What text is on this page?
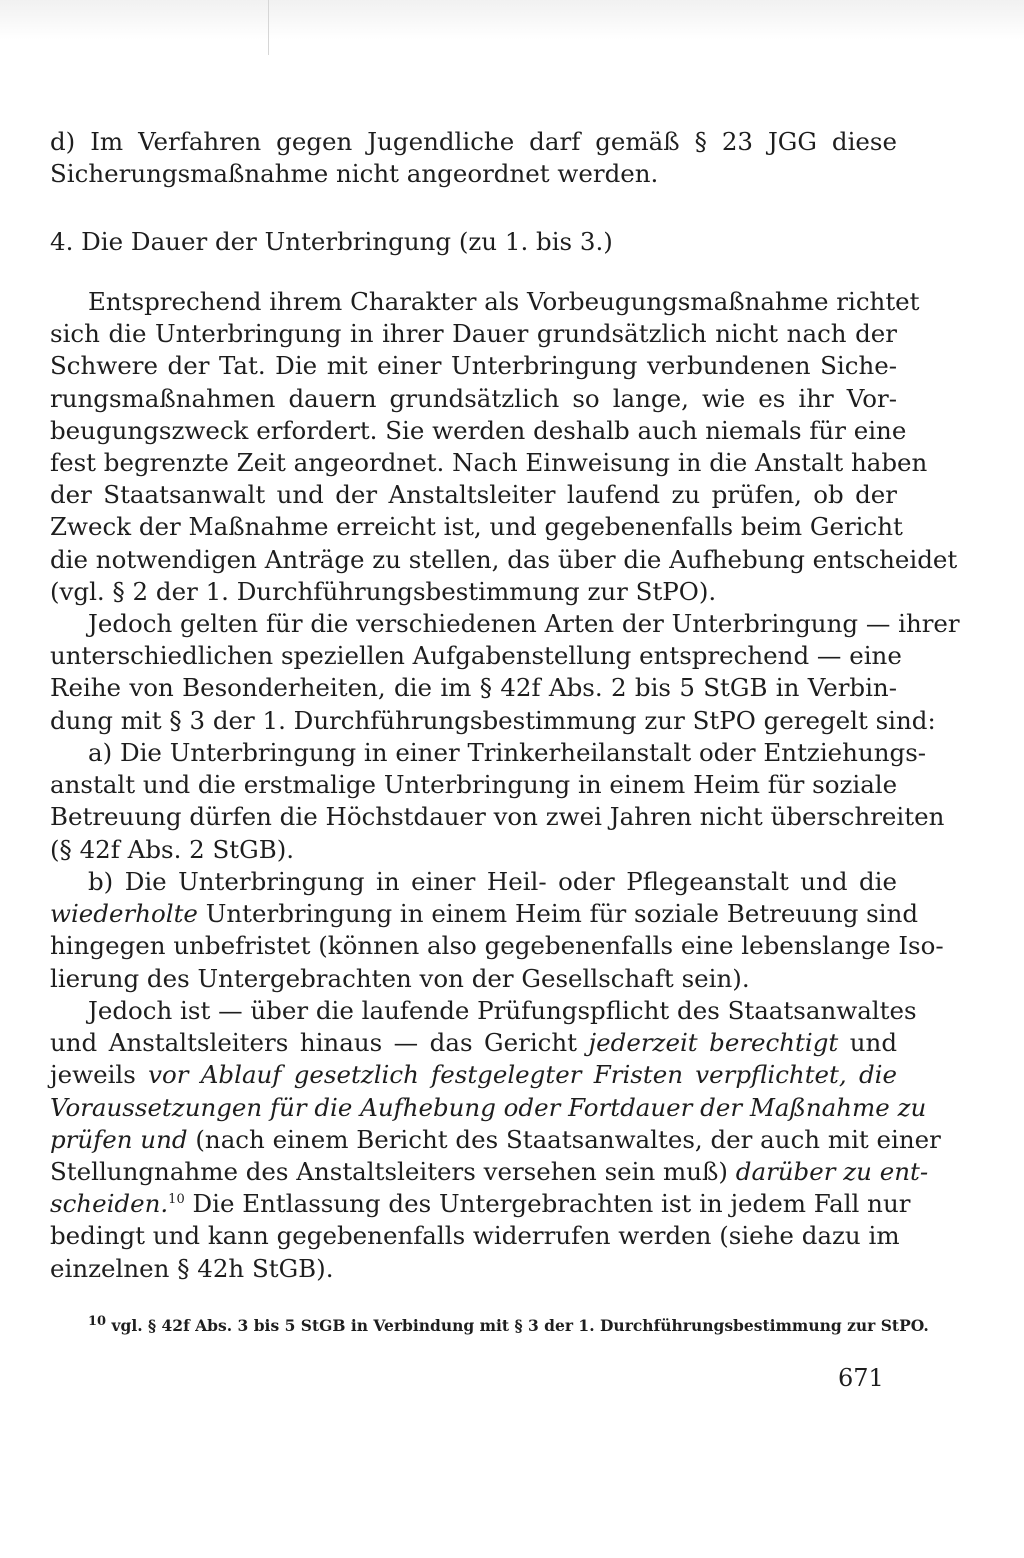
d) Im Verfahren gegen Jugendliche darf gemäß § 23 JGG diese
Sicherungsmaßnahme nicht angeordnet werden.
4. Die Dauer der Unterbringung (zu 1. bis 3.)
Entsprechend ihrem Charakter als Vorbeugungsmaßnahme richtet
sich die Unterbringung in ihrer Dauer grundsätzlich nicht nach der
Schwere der Tat. Die mit einer Unterbringung verbundenen Siche-
rungsmaßnahmen dauern grundsätzlich so lange, wie es ihr Vor-
beugungszweck erfordert. Sie werden deshalb auch niemals für eine
fest begrenzte Zeit angeordnet. Nach Einweisung in die Anstalt haben
der Staatsanwalt und der Anstaltsleiter laufend zu prüfen, ob der
Zweck der Maßnahme erreicht ist, und gegebenenfalls beim Gericht
die notwendigen Anträge zu stellen, das über die Aufhebung entscheidet
(vgl. § 2 der 1. Durchführungsbestimmung zur StPO).
Jedoch gelten für die verschiedenen Arten der Unterbringung — ihrer
unterschiedlichen speziellen Aufgabenstellung entsprechend — eine
Reihe von Besonderheiten, die im § 42f Abs. 2 bis 5 StGB in Verbin-
dung mit § 3 der 1. Durchführungsbestimmung zur StPO geregelt sind:
a) Die Unterbringung in einer Trinkerheilanstalt oder Entziehungs-
anstalt und die erstmalige Unterbringung in einem Heim für soziale
Betreuung dürfen die Höchstdauer von zwei Jahren nicht überschreiten
(§ 42f Abs. 2 StGB).
b) Die Unterbringung in einer Heil- oder Pflegeanstalt und die
wiederholte Unterbringung in einem Heim für soziale Betreuung sind
hingegen unbefristet (können also gegebenenfalls eine lebenslange Iso-
lierung des Untergebrachten von der Gesellschaft sein).
Jedoch ist — über die laufende Prüfungspflicht des Staatsanwaltes
und Anstaltsleiters hinaus — das Gericht jederzeit berechtigt und
jeweils vor Ablauf gesetzlich festgelegter Fristen verpflichtet, die
Voraussetzungen für die Aufhebung oder Fortdauer der Maßnahme zu
prüfen und (nach einem Bericht des Staatsanwaltes, der auch mit einer
Stellungnahme des Anstaltsleiters versehen sein muß) darüber zu ent-
scheiden.$^{10}$ Die Entlassung des Untergebrachten ist in jedem Fall nur
bedingt und kann gegebenenfalls widerrufen werden (siehe dazu im
einzelnen § 42h StGB).
$^{10}$ vgl. § 42f Abs. 3 bis 5 StGB in Verbindung mit § 3 der 1. Durchführungsbestimmung zur StPO.
671
